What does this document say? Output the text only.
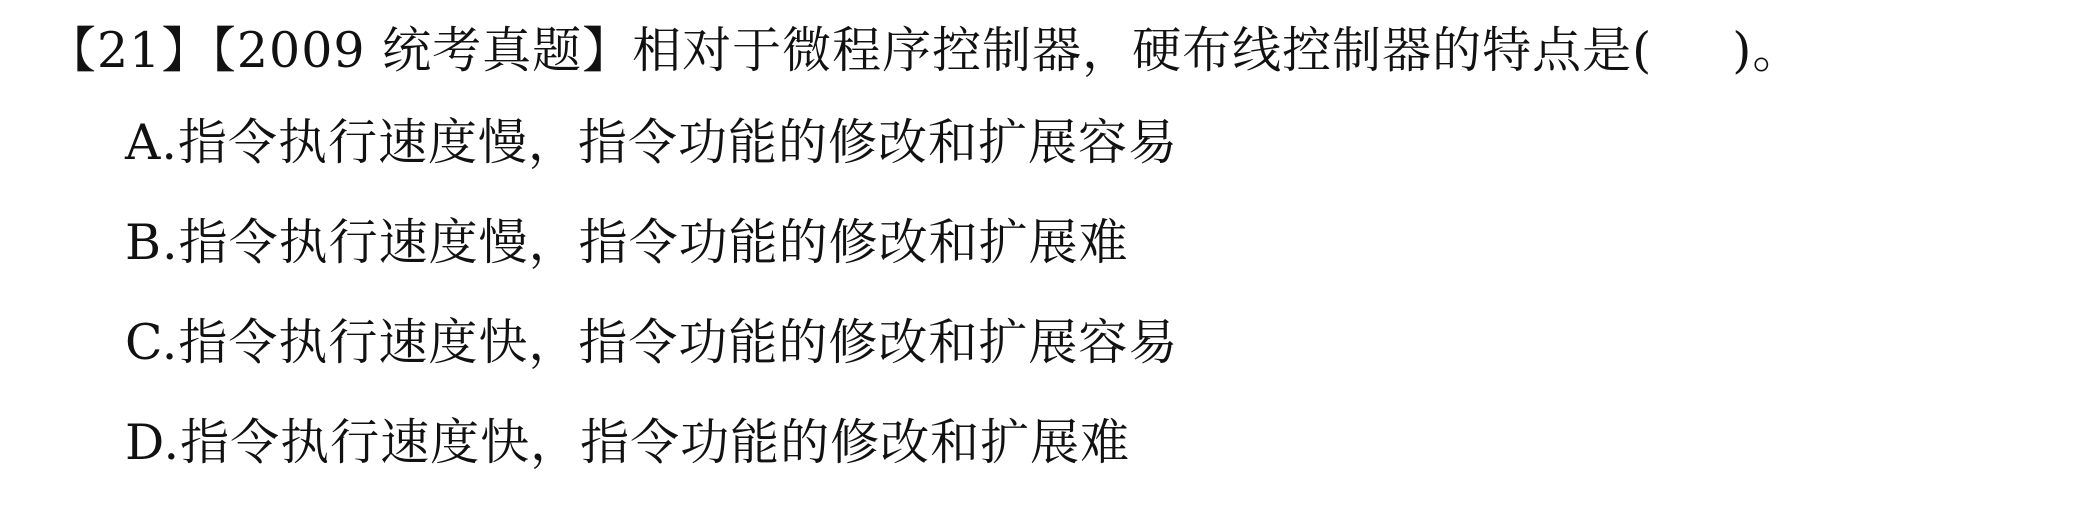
【21】【2009 统考真题】相对于微程序控制器，硬布线控制器的特点是( )。
A.指令执行速度慢，指令功能的修改和扩展容易
B.指令执行速度慢，指令功能的修改和扩展难
C.指令执行速度快，指令功能的修改和扩展容易
D.指令执行速度快，指令功能的修改和扩展难
